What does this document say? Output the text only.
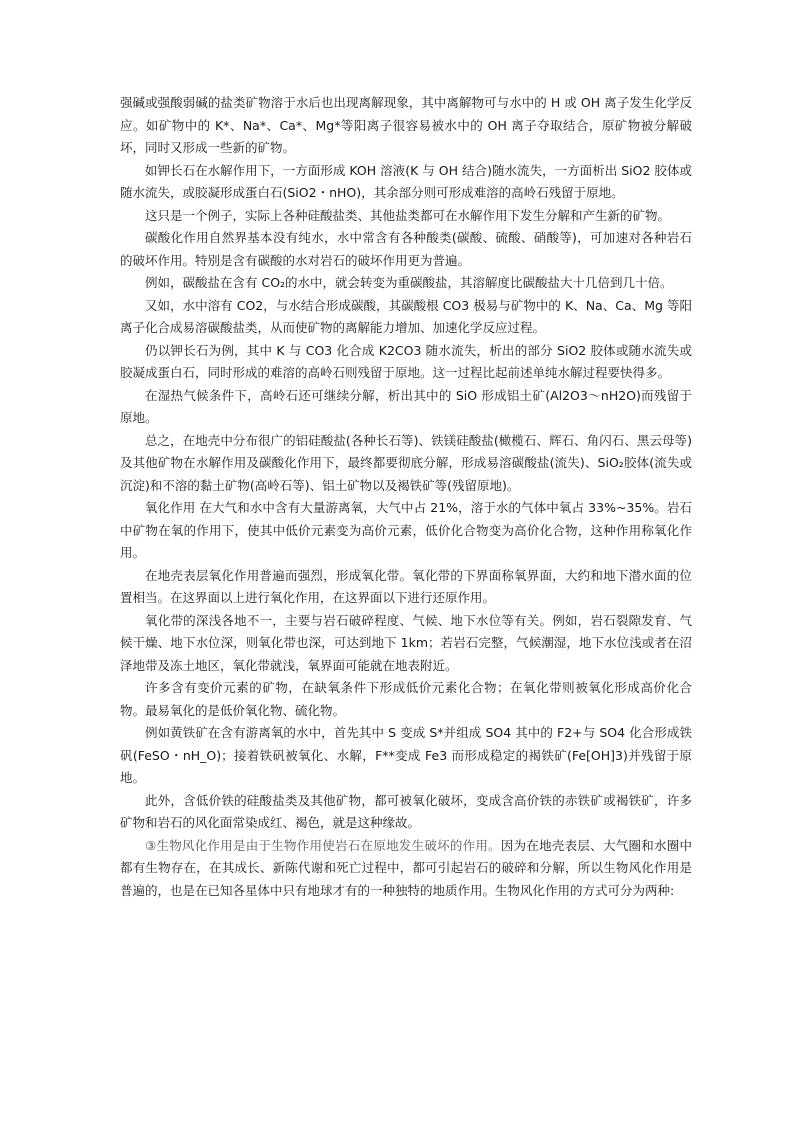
强碱或强酸弱碱的盐类矿物溶于水后也出现离解现象，其中离解物可与水中的 H 或 OH 离子发生化学反应。如矿物中的 K*、Na*、Ca*、Mg*等阳离子很容易被水中的 OH 离子夺取结合，原矿物被分解破坏，同时又形成一些新的矿物。

如钾长石在水解作用下，一方面形成 KOH 溶液(K 与 OH 结合)随水流失，一方面析出 SiO2 胶体或随水流失，或胶凝形成蛋白石(SiO2・nHO)，其余部分则可形成难溶的高岭石残留于原地。

这只是一个例子，实际上各种硅酸盐类、其他盐类都可在水解作用下发生分解和产生新的矿物。

碳酸化作用自然界基本没有纯水，水中常含有各种酸类(碳酸、硫酸、硝酸等)，可加速对各种岩石的破坏作用。特别是含有碳酸的水对岩石的破坏作用更为普遍。

例如，碳酸盐在含有 CO₂的水中，就会转变为重碳酸盐，其溶解度比碳酸盐大十几倍到几十倍。

又如，水中溶有 CO2，与水结合形成碳酸，其碳酸根 CO3 极易与矿物中的 K、Na、Ca、Mg 等阳离子化合成易溶碳酸盐类，从而使矿物的离解能力增加、加速化学反应过程。

仍以钾长石为例，其中 K 与 CO3 化合成 K2CO3 随水流失，析出的部分 SiO2 胶体或随水流失或胶凝成蛋白石，同时形成的难溶的高岭石则残留于原地。这一过程比起前述单纯水解过程要快得多。

在湿热气候条件下，高岭石还可继续分解，析出其中的 SiO 形成铝土矿(Al2O3～nH2O)而残留于原地。

总之，在地壳中分布很广的铝硅酸盐(各种长石等)、铁镁硅酸盐(橄榄石、辉石、角闪石、黑云母等)及其他矿物在水解作用及碳酸化作用下，最终都要彻底分解，形成易溶碳酸盐(流失)、SiO₂胶体(流失或沉淀)和不溶的黏土矿物(高岭石等)、铝土矿物以及褐铁矿等(残留原地)。

氧化作用 在大气和水中含有大量游离氧，大气中占 21%，溶于水的气体中氧占 33%~35%。岩石中矿物在氧的作用下，使其中低价元素变为高价元素，低价化合物变为高价化合物，这种作用称氧化作用。

在地壳表层氧化作用普遍而强烈，形成氧化带。氧化带的下界面称氧界面，大约和地下潜水面的位置相当。在这界面以上进行氧化作用，在这界面以下进行还原作用。

氧化带的深浅各地不一，主要与岩石破碎程度、气候、地下水位等有关。例如，岩石裂隙发育、气候干燥、地下水位深，则氧化带也深，可达到地下 1km；若岩石完整，气候潮湿，地下水位浅或者在沼泽地带及冻土地区，氧化带就浅，氧界面可能就在地表附近。

许多含有变价元素的矿物，在缺氧条件下形成低价元素化合物；在氧化带则被氧化形成高价化合物。最易氧化的是低价氧化物、硫化物。

例如黄铁矿在含有游离氧的水中，首先其中 S 变成 S*并组成 SO4 其中的 F2+与 SO4 化合形成铁矾(FeSO・nH_O)；接着铁矾被氧化、水解，F**变成 Fe3 而形成稳定的褐铁矿(Fe[OH]3)并残留于原地。

此外，含低价铁的硅酸盐类及其他矿物，都可被氧化破坏，变成含高价铁的赤铁矿或褐铁矿，许多矿物和岩石的风化面常染成红、褐色，就是这种缘故。

③生物风化作用是由于生物作用使岩石在原地发生破坏的作用。因为在地壳表层、大气圈和水圈中都有生物存在，在其成长、新陈代谢和死亡过程中，都可引起岩石的破碎和分解，所以生物风化作用是普遍的，也是在已知各星体中只有地球才有的一种独特的地质作用。生物风化作用的方式可分为两种:
